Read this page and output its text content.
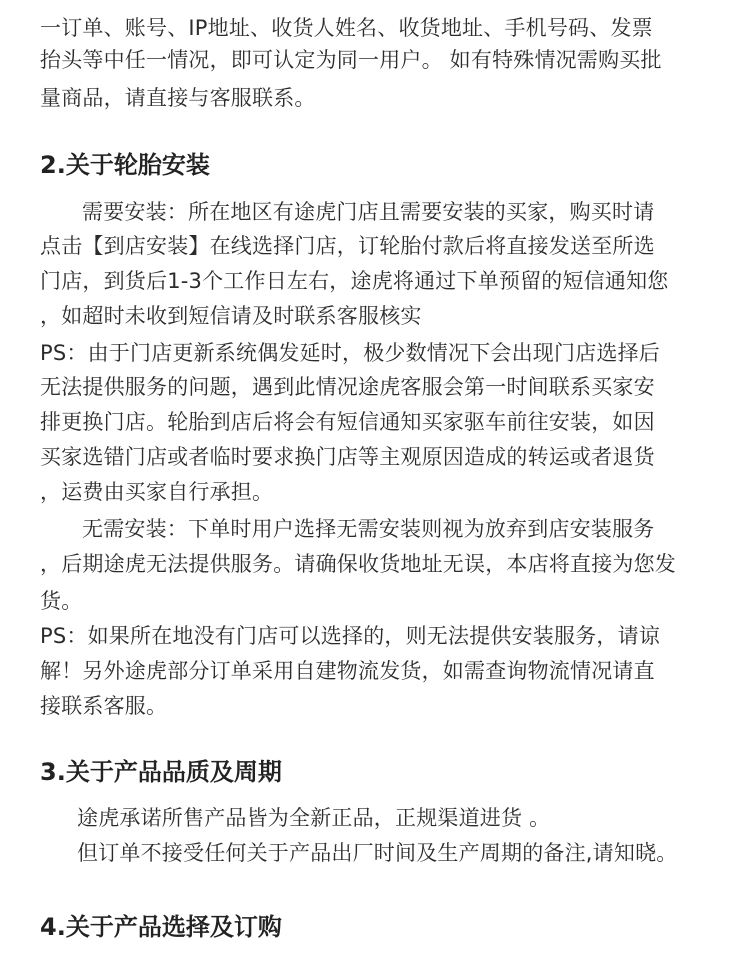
一订单、账号、IP地址、收货人姓名、收货地址、手机号码、发票
抬头等中任一情况，即可认定为同一用户。 如有特殊情况需购买批
量商品，请直接与客服联系。
2.关于轮胎安装
需要安装：所在地区有途虎门店且需要安装的买家，购买时请
点击【到店安装】在线选择门店，订轮胎付款后将直接发送至所选
门店，到货后1-3个工作日左右，途虎将通过下单预留的短信通知您
，如超时未收到短信请及时联系客服核实
PS：由于门店更新系统偶发延时，极少数情况下会出现门店选择后
无法提供服务的问题，遇到此情况途虎客服会第一时间联系买家安
排更换门店。轮胎到店后将会有短信通知买家驱车前往安装，如因
买家选错门店或者临时要求换门店等主观原因造成的转运或者退货
，运费由买家自行承担。
无需安装：下单时用户选择无需安装则视为放弃到店安装服务
，后期途虎无法提供服务。请确保收货地址无误，本店将直接为您发
货。
PS：如果所在地没有门店可以选择的，则无法提供安装服务，请谅
解！另外途虎部分订单采用自建物流发货，如需查询物流情况请直
接联系客服。
3.关于产品品质及周期
途虎承诺所售产品皆为全新正品，正规渠道进货 。
但订单不接受任何关于产品出厂时间及生产周期的备注,请知晓。
4.关于产品选择及订购
